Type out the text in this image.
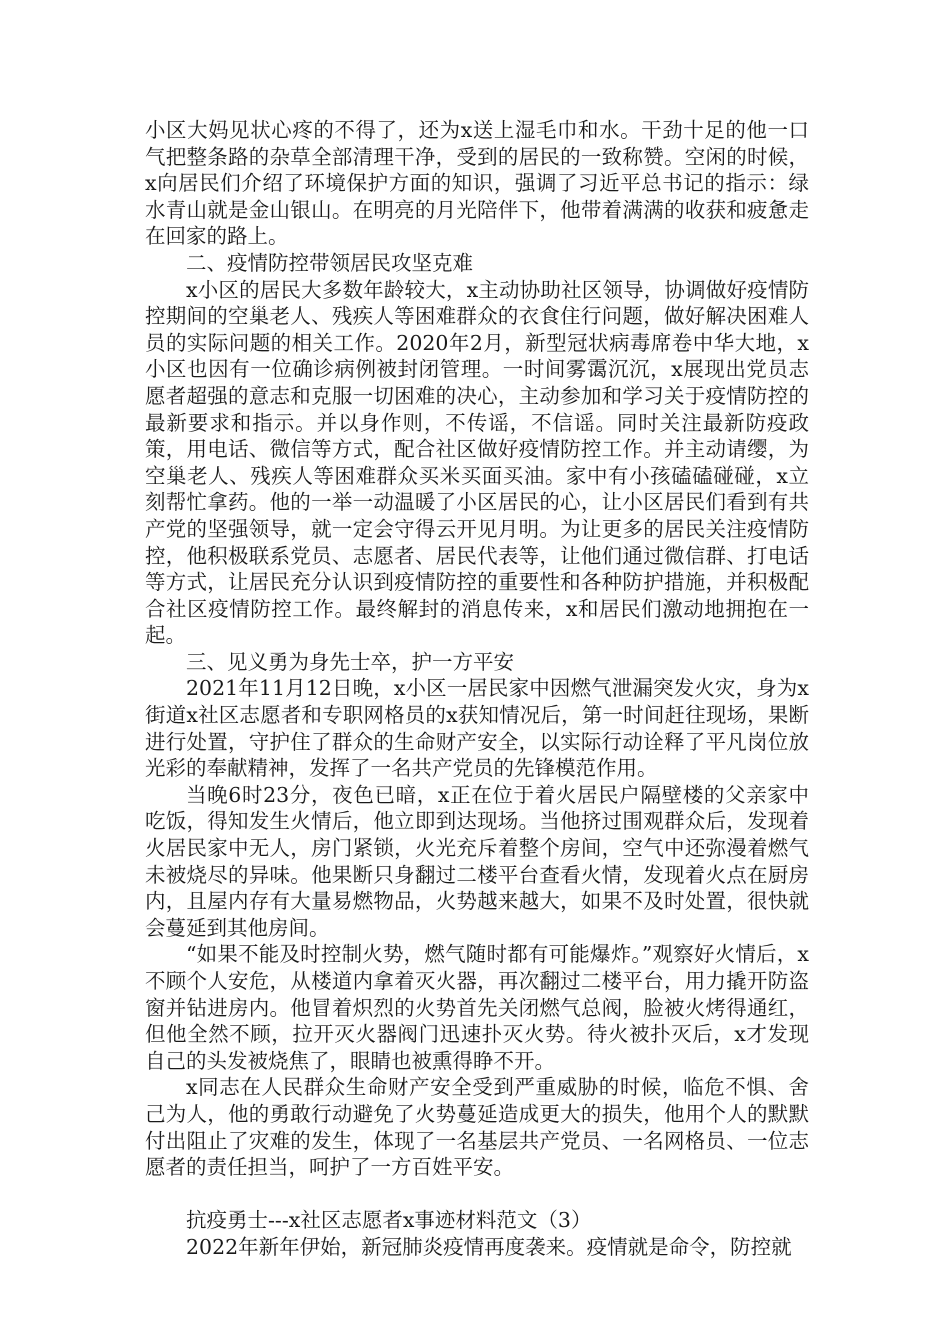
小区大妈见状心疼的不得了，还为x送上湿毛巾和水。干劲十足的他一口气把整条路的杂草全部清理干净，受到的居民的一致称赞。空闲的时候，x向居民们介绍了环境保护方面的知识，强调了习近平总书记的指示：绿水青山就是金山银山。在明亮的月光陪伴下，他带着满满的收获和疲惫走在回家的路上。

二、疫情防控带领居民攻坚克难

x小区的居民大多数年龄较大，x主动协助社区领导，协调做好疫情防控期间的空巢老人、残疾人等困难群众的衣食住行问题，做好解决困难人员的实际问题的相关工作。2020年2月，新型冠状病毒席卷中华大地，x小区也因有一位确诊病例被封闭管理。一时间雾霭沉沉，x展现出党员志愿者超强的意志和克服一切困难的决心，主动参加和学习关于疫情防控的最新要求和指示。并以身作则，不传谣，不信谣。同时关注最新防疫政策，用电话、微信等方式，配合社区做好疫情防控工作。并主动请缨，为空巢老人、残疾人等困难群众买米买面买油。家中有小孩磕磕碰碰，x立刻帮忙拿药。他的一举一动温暖了小区居民的心，让小区居民们看到有共产党的坚强领导，就一定会守得云开见月明。为让更多的居民关注疫情防控，他积极联系党员、志愿者、居民代表等，让他们通过微信群、打电话等方式，让居民充分认识到疫情防控的重要性和各种防护措施，并积极配合社区疫情防控工作。最终解封的消息传来，x和居民们激动地拥抱在一起。

三、见义勇为身先士卒，护一方平安

2021年11月12日晚，x小区一居民家中因燃气泄漏突发火灾，身为x街道x社区志愿者和专职网格员的x获知情况后，第一时间赶往现场，果断进行处置，守护住了群众的生命财产安全，以实际行动诠释了平凡岗位放光彩的奉献精神，发挥了一名共产党员的先锋模范作用。

当晚6时23分，夜色已暗，x正在位于着火居民户隔壁楼的父亲家中吃饭，得知发生火情后，他立即到达现场。当他挤过围观群众后，发现着火居民家中无人，房门紧锁，火光充斥着整个房间，空气中还弥漫着燃气未被烧尽的异味。他果断只身翻过二楼平台查看火情，发现着火点在厨房内，且屋内存有大量易燃物品，火势越来越大，如果不及时处置，很快就会蔓延到其他房间。

“如果不能及时控制火势，燃气随时都有可能爆炸。”观察好火情后，x不顾个人安危，从楼道内拿着灭火器，再次翻过二楼平台，用力撬开防盗窗并钻进房内。他冒着炽烈的火势首先关闭燃气总阀，脸被火烤得通红，但他全然不顾，拉开灭火器阀门迅速扑灭火势。待火被扑灭后，x才发现自己的头发被烧焦了，眼睛也被熏得睁不开。

x同志在人民群众生命财产安全受到严重威胁的时候，临危不惧、舍己为人，他的勇敢行动避免了火势蔓延造成更大的损失，他用个人的默默付出阻止了灾难的发生，体现了一名基层共产党员、一名网格员、一位志愿者的责任担当，呵护了一方百姓平安。

抗疫勇士---x社区志愿者x事迹材料范文（3）

2022年新年伊始，新冠肺炎疫情再度袭来。疫情就是命令，防控就
